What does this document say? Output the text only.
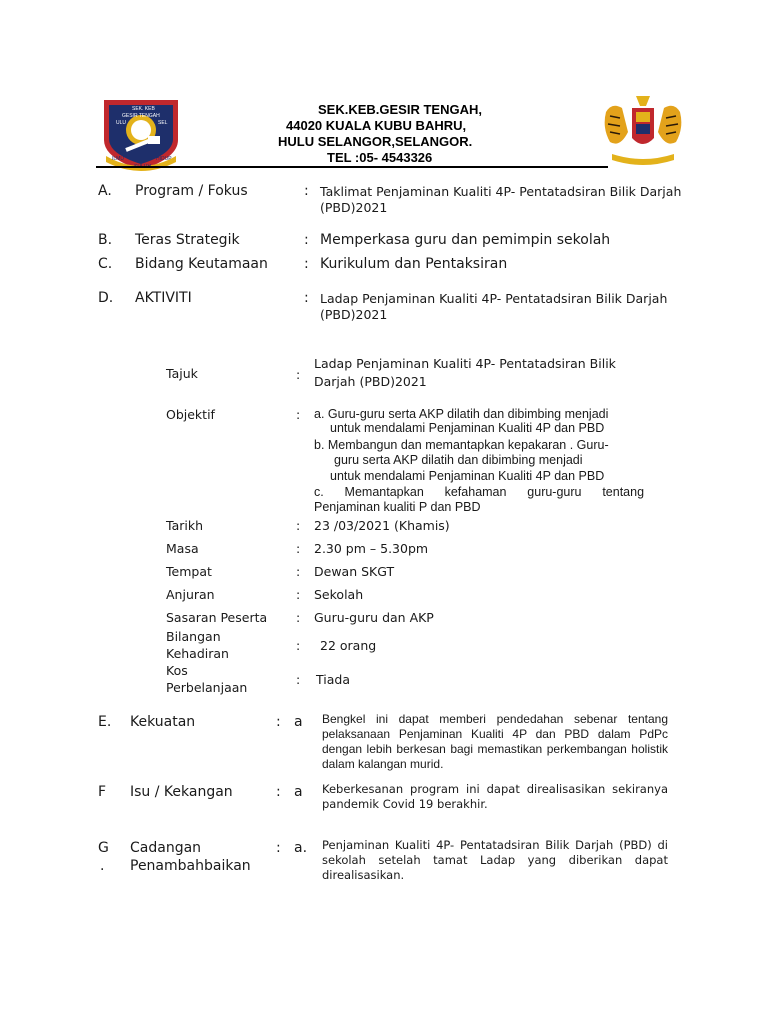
SEK. KEB
GESIR TENGAH
ULU	SEL
ILMU	HIDUP
SEK.KEB.GESIR TENGAH,
44020 KUALA KUBU BAHRU,
HULU SELANGOR,SELANGOR.
TEL :05- 4543326
A. Program / Fokus	: Taklimat Penjaminan Kualiti 4P- Pentatadsiran Bilik Darjah
(PBD)2021
B. Teras Strategik	: Memperkasa guru dan pemimpin sekolah
C. Bidang Keutamaan	: Kurikulum dan Pentaksiran
D. AKTIVITI	: Ladap Penjaminan Kualiti 4P- Pentatadsiran Bilik Darjah
(PBD)2021
Tajuk	:
Ladap Penjaminan Kualiti 4P- Pentatadsiran Bilik
Darjah (PBD)2021
Objektif	: a. Guru-guru serta AKP dilatih dan dibimbing menjadi
untuk mendalami Penjaminan Kualiti 4P dan PBD
b. Membangun dan memantapkan kepakaran . Guru-
guru serta AKP dilatih dan dibimbing menjadi
untuk mendalami Penjaminan Kualiti 4P dan PBD
c.      Memantapkan      kefahaman      guru-guru      tentang
Penjaminan kualiti P dan PBD
Tarikh	: 23 /03/2021 (Khamis)
Masa	: 2.30 pm – 5.30pm
Tempat	: Dewan SKGT
Anjuran	: Sekolah
Sasaran Peserta : Guru-guru dan AKP
Bilangan
Kehadiran
: 22 orang
Kos
Perbelanjaan
: Tiada
E. Kekuatan	: a Bengkel ini dapat memberi pendedahan sebenar tentang pelaksanaan Penjaminan Kualiti 4P dan PBD dalam PdPc dengan lebih berkesan bagi memastikan perkembangan holistik dalam kalangan murid.
F Isu / Kekangan	: a Keberkesanan program ini dapat direalisasikan sekiranya pandemik Covid 19 berakhir.
G
.
Cadangan
Penambahbaikan
: a. Penjaminan Kualiti 4P- Pentatadsiran Bilik Darjah (PBD) di sekolah setelah tamat Ladap yang diberikan dapat direalisasikan.
